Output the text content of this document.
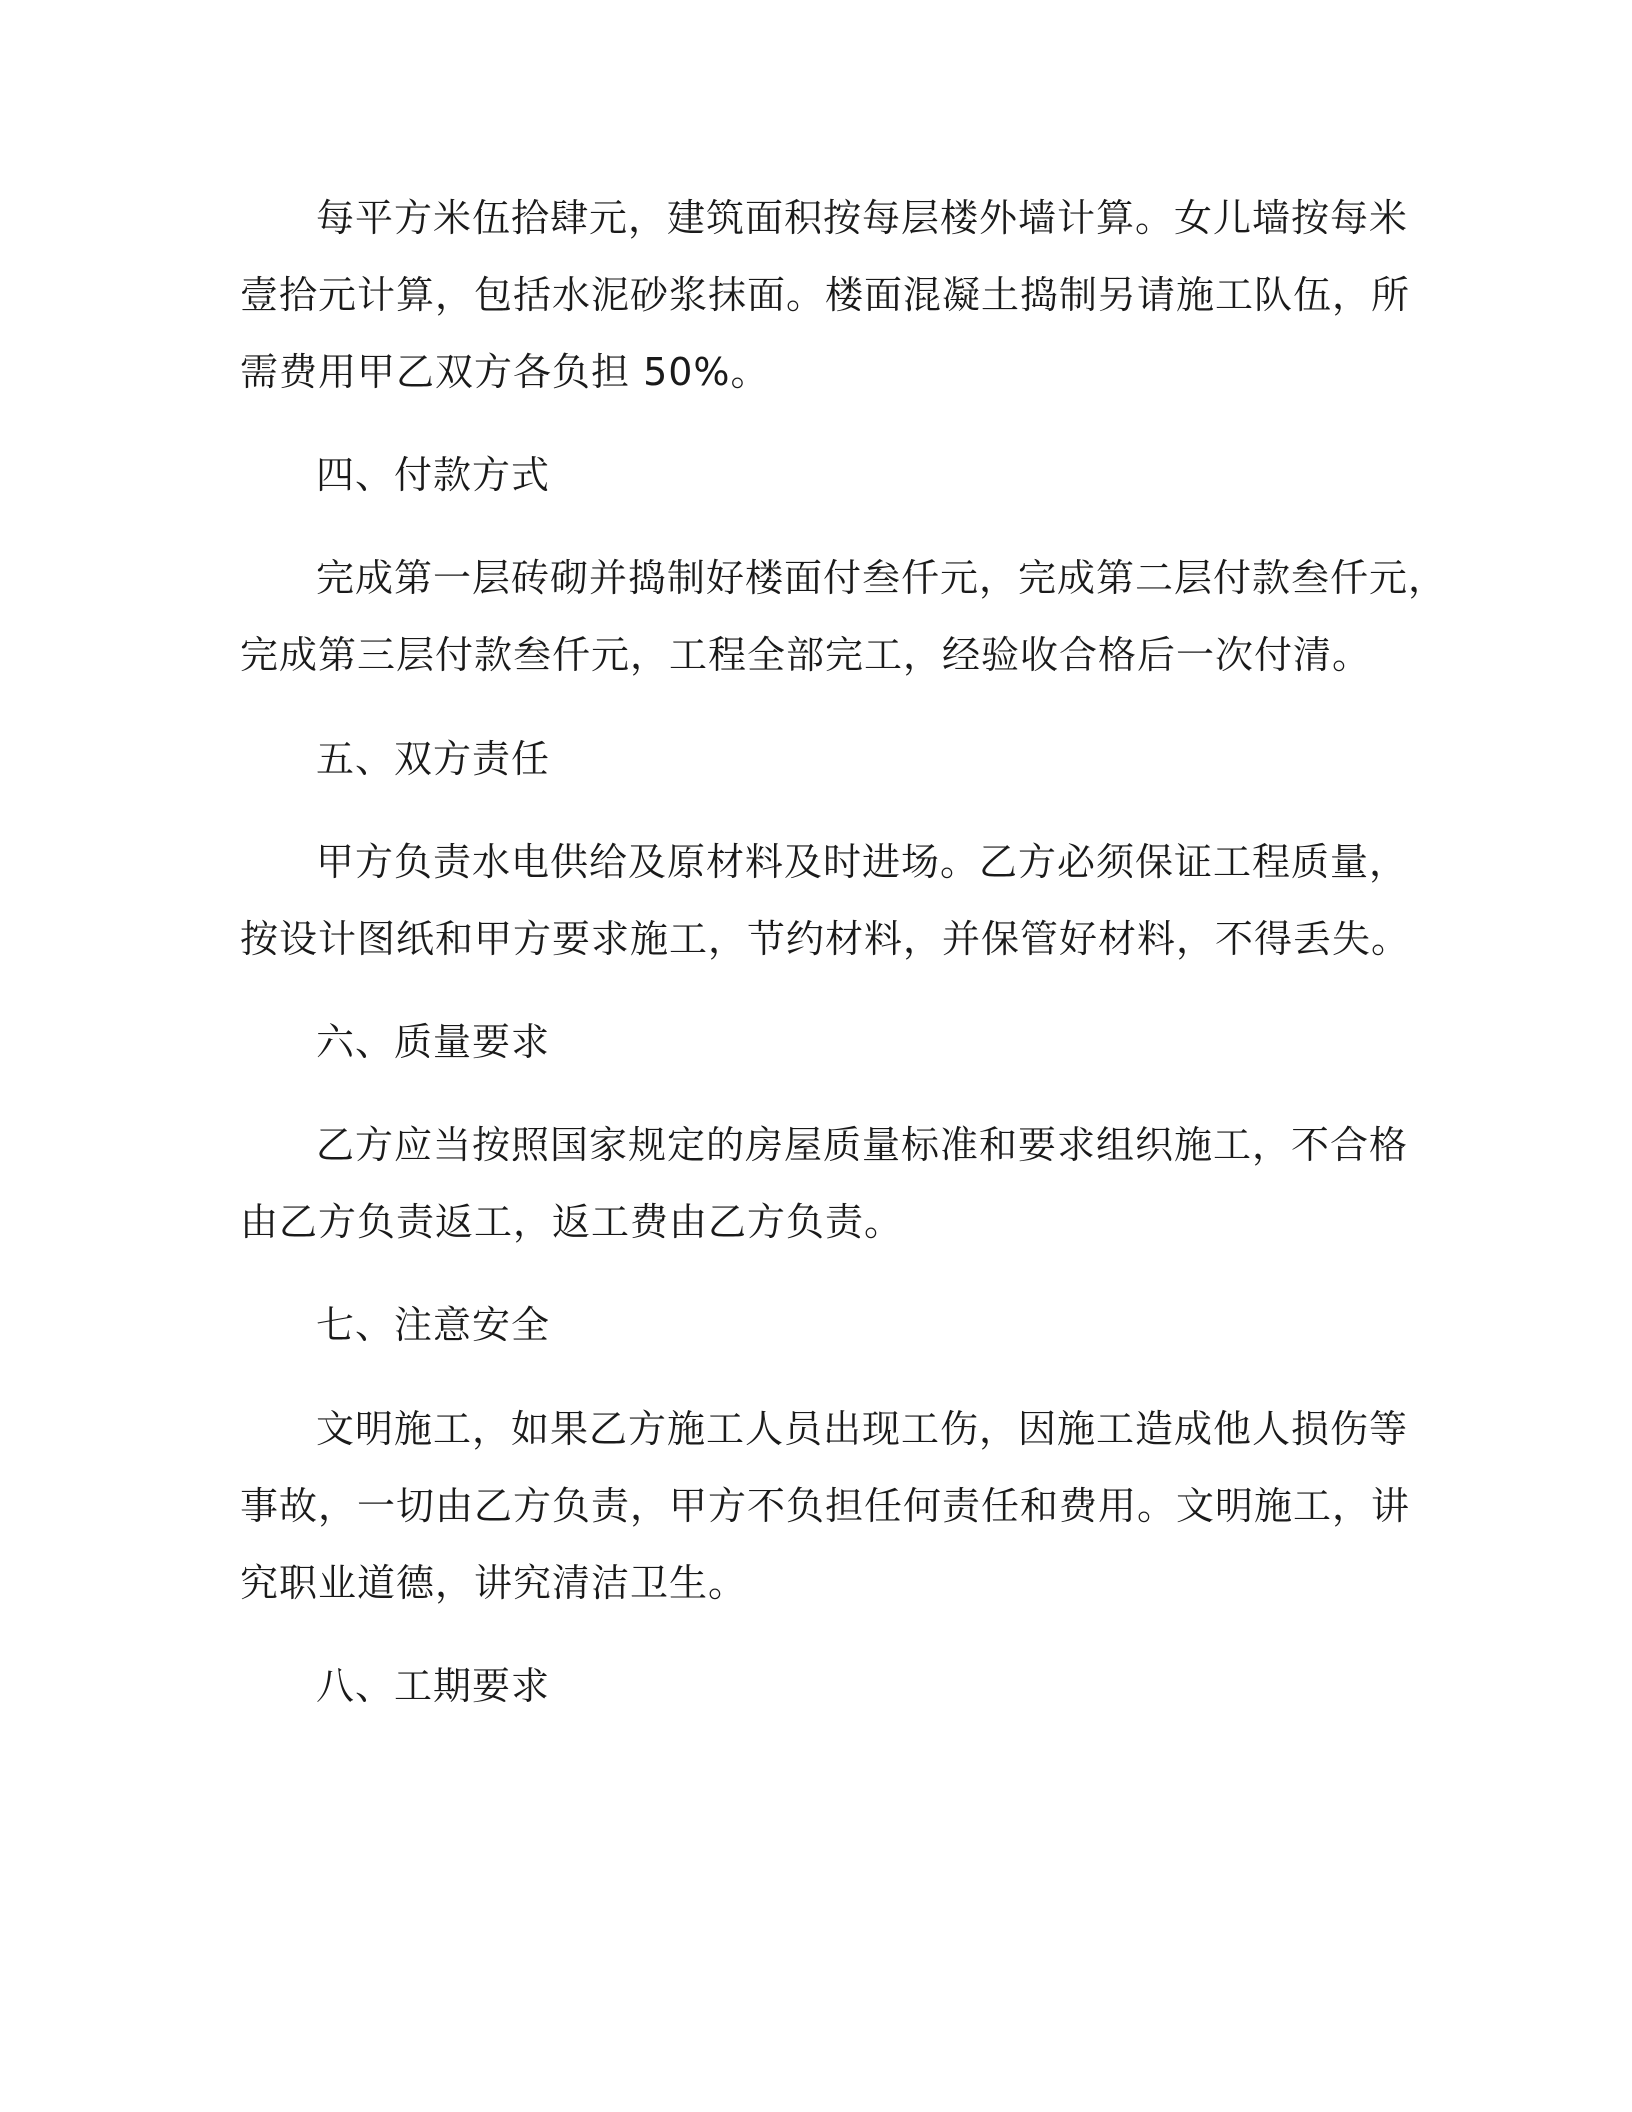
每平方米伍拾肆元，建筑面积按每层楼外墙计算。女儿墙按每米
壹拾元计算，包括水泥砂浆抹面。楼面混凝土捣制另请施工队伍，所
需费用甲乙双方各负担 50%。
四、付款方式
完成第一层砖砌并捣制好楼面付叁仟元，完成第二层付款叁仟元，
完成第三层付款叁仟元，工程全部完工，经验收合格后一次付清。
五、双方责任
甲方负责水电供给及原材料及时进场。乙方必须保证工程质量，
按设计图纸和甲方要求施工，节约材料，并保管好材料，不得丢失。
六、质量要求
乙方应当按照国家规定的房屋质量标准和要求组织施工，不合格
由乙方负责返工，返工费由乙方负责。
七、注意安全
文明施工，如果乙方施工人员出现工伤，因施工造成他人损伤等
事故，一切由乙方负责，甲方不负担任何责任和费用。文明施工，讲
究职业道德，讲究清洁卫生。
八、工期要求
